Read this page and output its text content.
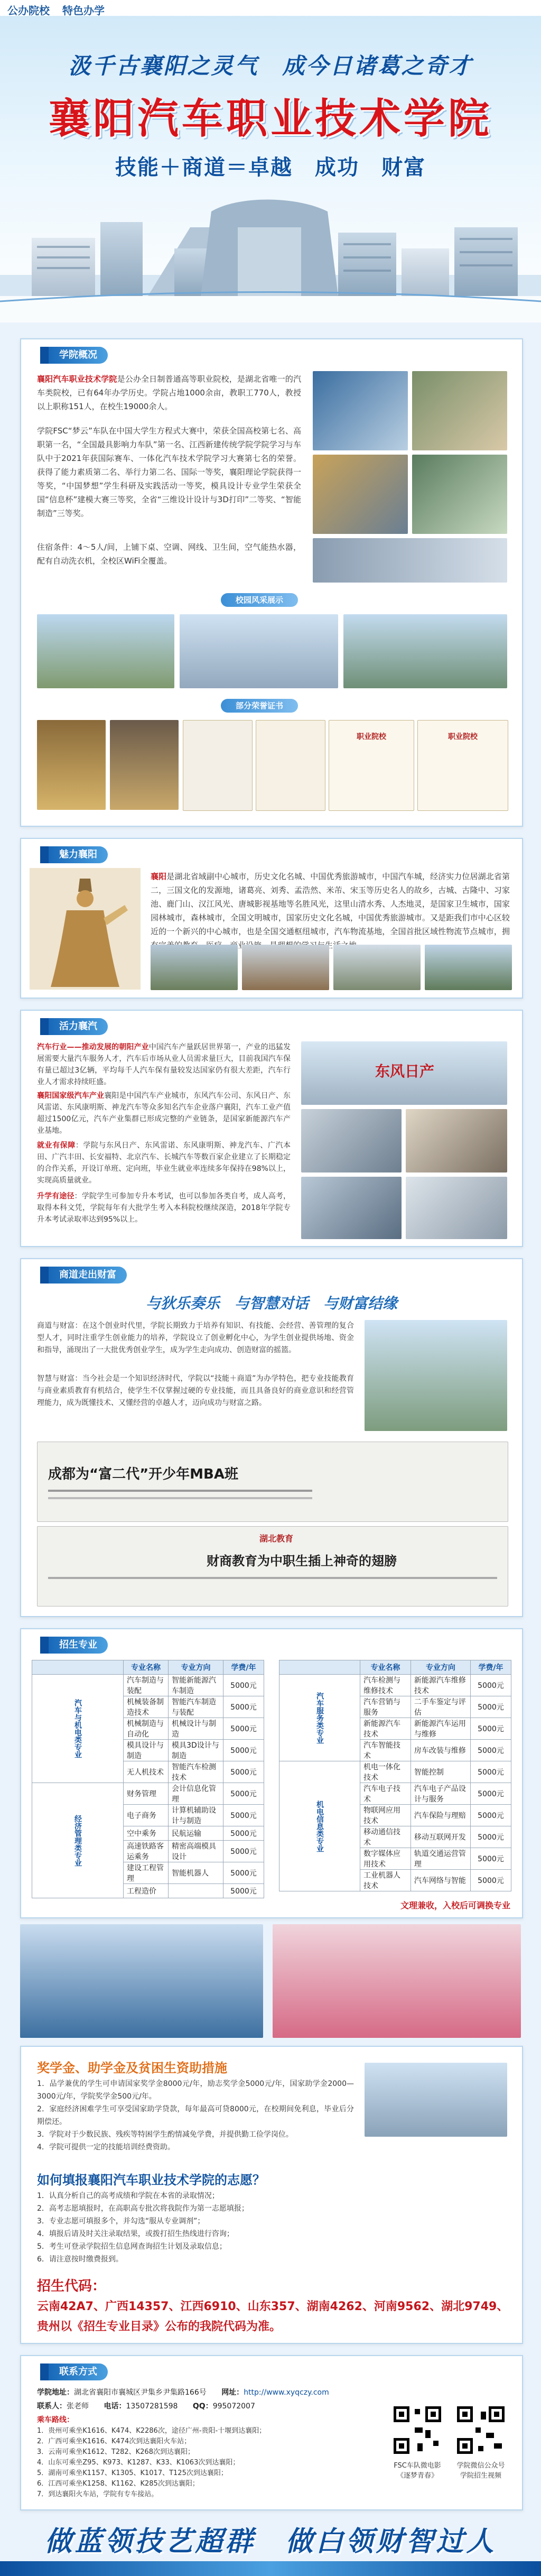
公办院校 特色办学
汲千古襄阳之灵气　成今日诸葛之奇才
襄阳汽车职业技术学院
技能＋商道＝卓越　成功　财富
学院概况
襄阳汽车职业技术学院是公办全日制普通高等职业院校，是湖北省唯一的汽车类院校，已有64年办学历史。学院占地1000余亩，教职工770人，教授以上职称151人，在校生19000余人。
学院FSC“梦云”车队在中国大学生方程式大赛中，荣获全国高校第七名、高职第一名，“全国最具影响力车队”第一名、江西新建传统学院学院学习与车队中于2021年获国际赛车、一体化汽车技术学院学习大赛第七名的荣誉。获得了能力素质第二名、举行力第二名、国际一等奖，襄阳理论学院获得一等奖，“中国梦想”学生科研及实践活动一等奖，模具设计专业学生荣获全国“信息杯”建模大赛三等奖，全省“三维设计设计与3D打印”二等奖、“智能制造”三等奖。
住宿条件：4～5人/间，上铺下桌、空调、网线、卫生间，空气能热水器，配有自动洗衣机，全校区WiFi全覆盖。
校园风采展示
部分荣誉证书
职业院校	职业院校
魅力襄阳
襄阳是湖北省域副中心城市，历史文化名城、中国优秀旅游城市，中国汽车城，经济实力位居湖北省第二，三国文化的发源地，诸葛亮、刘秀、孟浩然、米芾、宋玉等历史名人的故乡，古城、古隆中、习家池、鹿门山、汉江风光、唐城影视基地等名胜风光，这里山清水秀、人杰地灵，是国家卫生城市，国家园林城市，森林城市，全国文明城市，国家历史文化名城，中国优秀旅游城市。又是距我们市中心区较近的一个新兴的中心城市，也是全国交通枢纽城市，汽车物流基地，全国首批区域性物流节点城市，拥 学习与生活之地。
活力襄汽
汽车行业——推动发展的朝阳产业中国汽车产量跃居世界第一，产业的迅猛发展需要大量汽车服务人才，汽车后市场从业人员需求量巨大，目前我国汽车保有量已超过3亿辆，平均每千人汽车保有量较发达国家仍有很大差距，汽车行业人才需求持续旺盛。
襄阳国家级汽车产业襄阳是中国汽车产业城市，东风汽车公司、东风日产、东风雷诺、东风康明斯、神龙汽车等众多知名汽车企业落户襄阳，汽车工业产值超过1500亿元，汽车产业集群已形成完整的产业链条，是国家新能源汽车产业基地。
就业有保障：学院与东风日产、东风雷诺、东风康明斯、神龙汽车、广汽本田、广汽丰田、长安福特、北京汽车、长城汽车等数百家企业建立了长期稳定的合作关系，开设订单班、定向班，毕业生就业率连续多年保持在98%以上，实现高质量就业。
升学有途径：学院学生可参加专升本考试，也可以参加各类自考，成人高考，取得本科文凭，学院每年有大批学生考入本科院校继续深造，2018年学院专升本考试录取率达到95%以上。
东风日产
商道走出财富
与狄乐奏乐　与智慧对话　与财富结缘
商道与财富：在这个创业时代里，学院长期致力于培养有知识、有技能、会经营、善管理的复合型人才，同时注重学生创业能力的培养，学院设立了创业孵化中心，为学生创业提供场地、资金和指导，涌现出了一大批优秀创业学生，成为学生走向成功、创造财富的摇篮。
智慧与财富：当今社会是一个知识经济时代，学院以“技能＋商道”为办学特色，把专业技能教育与商业素质教育有机结合，使学生不仅掌握过硬的专业技能，而且具备良好的商业意识和经营管理能力，成为既懂技术、又懂经营的卓越人才，迈向成功与财富之路。
成都为“富二代”开少年MBA班
湖北教育
财商教育为中职生插上神奇的翅膀
招生专业
	专业名称	专业方向	学费/年
汽车与机电类专业	汽车制造与装配	智能新能源汽车制造	5000元
	机械装备制造技术	智能汽车制造与装配	5000元
	机械制造与自动化	机械设计与制造	5000元
	模具设计与制造	模具3D设计与制造	5000元
	无人机技术	智能汽车检测技术	5000元
经济管理类专业	财务管理	会计信息化管理	5000元
	电子商务	计算机辅助设计与制造	5000元
	空中乘务	民航运输	5000元
	高速铁路客运乘务	精密高端模具设计	5000元
	建设工程管理	智能机器人	5000元
	工程造价		5000元
	专业名称	专业方向	学费/年
汽车服务类专业	汽车检测与维修技术	新能源汽车维修技术	5000元
	汽车营销与服务	二手车鉴定与评估	5000元
	新能源汽车技术	新能源汽车运用与维修	5000元
	汽车智能技术	房车改装与维修	5000元
机电信息类专业	机电一体化技术	智能控制	5000元
	汽车电子技术	汽车电子产品设计与服务	5000元
	物联网应用技术	汽车保险与理赔	5000元
	移动通信技术	移动互联网开发	5000元
	数字媒体应用技术	轨道交通运营管理	5000元
	工业机器人技术	汽车网络与智能	5000元
文理兼收，入校后可调换专业
奖学金、助学金及贫困生资助措施
1．品学兼优的学生可申请国家奖学金8000元/年，励志奖学金5000元/年，国家助学金2000—3000元/年，学院奖学金500元/年。
2．家庭经济困难学生可享受国家助学贷款，每年最高可贷8000元，在校期间免利息，毕业后分期偿还。
3．学院对于少数民族、残疾等特困学生酌情减免学费，并提供勤工俭学岗位。
4．学院可提供一定的技能培训经费资助。
如何填报襄阳汽车职业技术学院的志愿？
1．认真分析自己的高考成绩和学院在本省的录取情况；
2．高考志愿填报时，在高职高专批次将我院作为第一志愿填报；
3．专业志愿可填报多个，并勾选“服从专业调剂”；
4．填报后请及时关注录取结果，或拨打招生热线进行咨询；
5．考生可登录学院招生信息网查询招生计划及录取信息；
6．请注意按时缴费报到。
招生代码：
云南42A7、广西14357、江西6910、山东357、湖南4262、河南9562、湖北9749、
贵州以《招生专业目录》公布的我院代码为准。
联系方式
学院地址：湖北省襄阳市襄城区尹集乡尹集路166号 网址：http://www.xyqczy.com
联系人：张老师 电话：13507281598 QQ：995072007
乘车路线：
1．贵州可乘坐K1616、K474、K2286次，途径广州-贵阳-十堰到达襄阳；
2．广西可乘坐K1616、K474次到达襄阳火车站；
3．云南可乘坐K1612、T282、K268次到达襄阳；
4．山东可乘坐Z95、K973、K1287、K33、K1063次到达襄阳；
5．湖南可乘坐K1157、K1305、K1017、T125次到达襄阳；
6．江西可乘坐K1258、K1162、K285次到达襄阳；
7．到达襄阳火车站，学院有专车接站。
FSC车队微电影
《逐梦青春》
学院微信公众号
学院招生视频
做蓝领技艺超群　做白领财智过人
